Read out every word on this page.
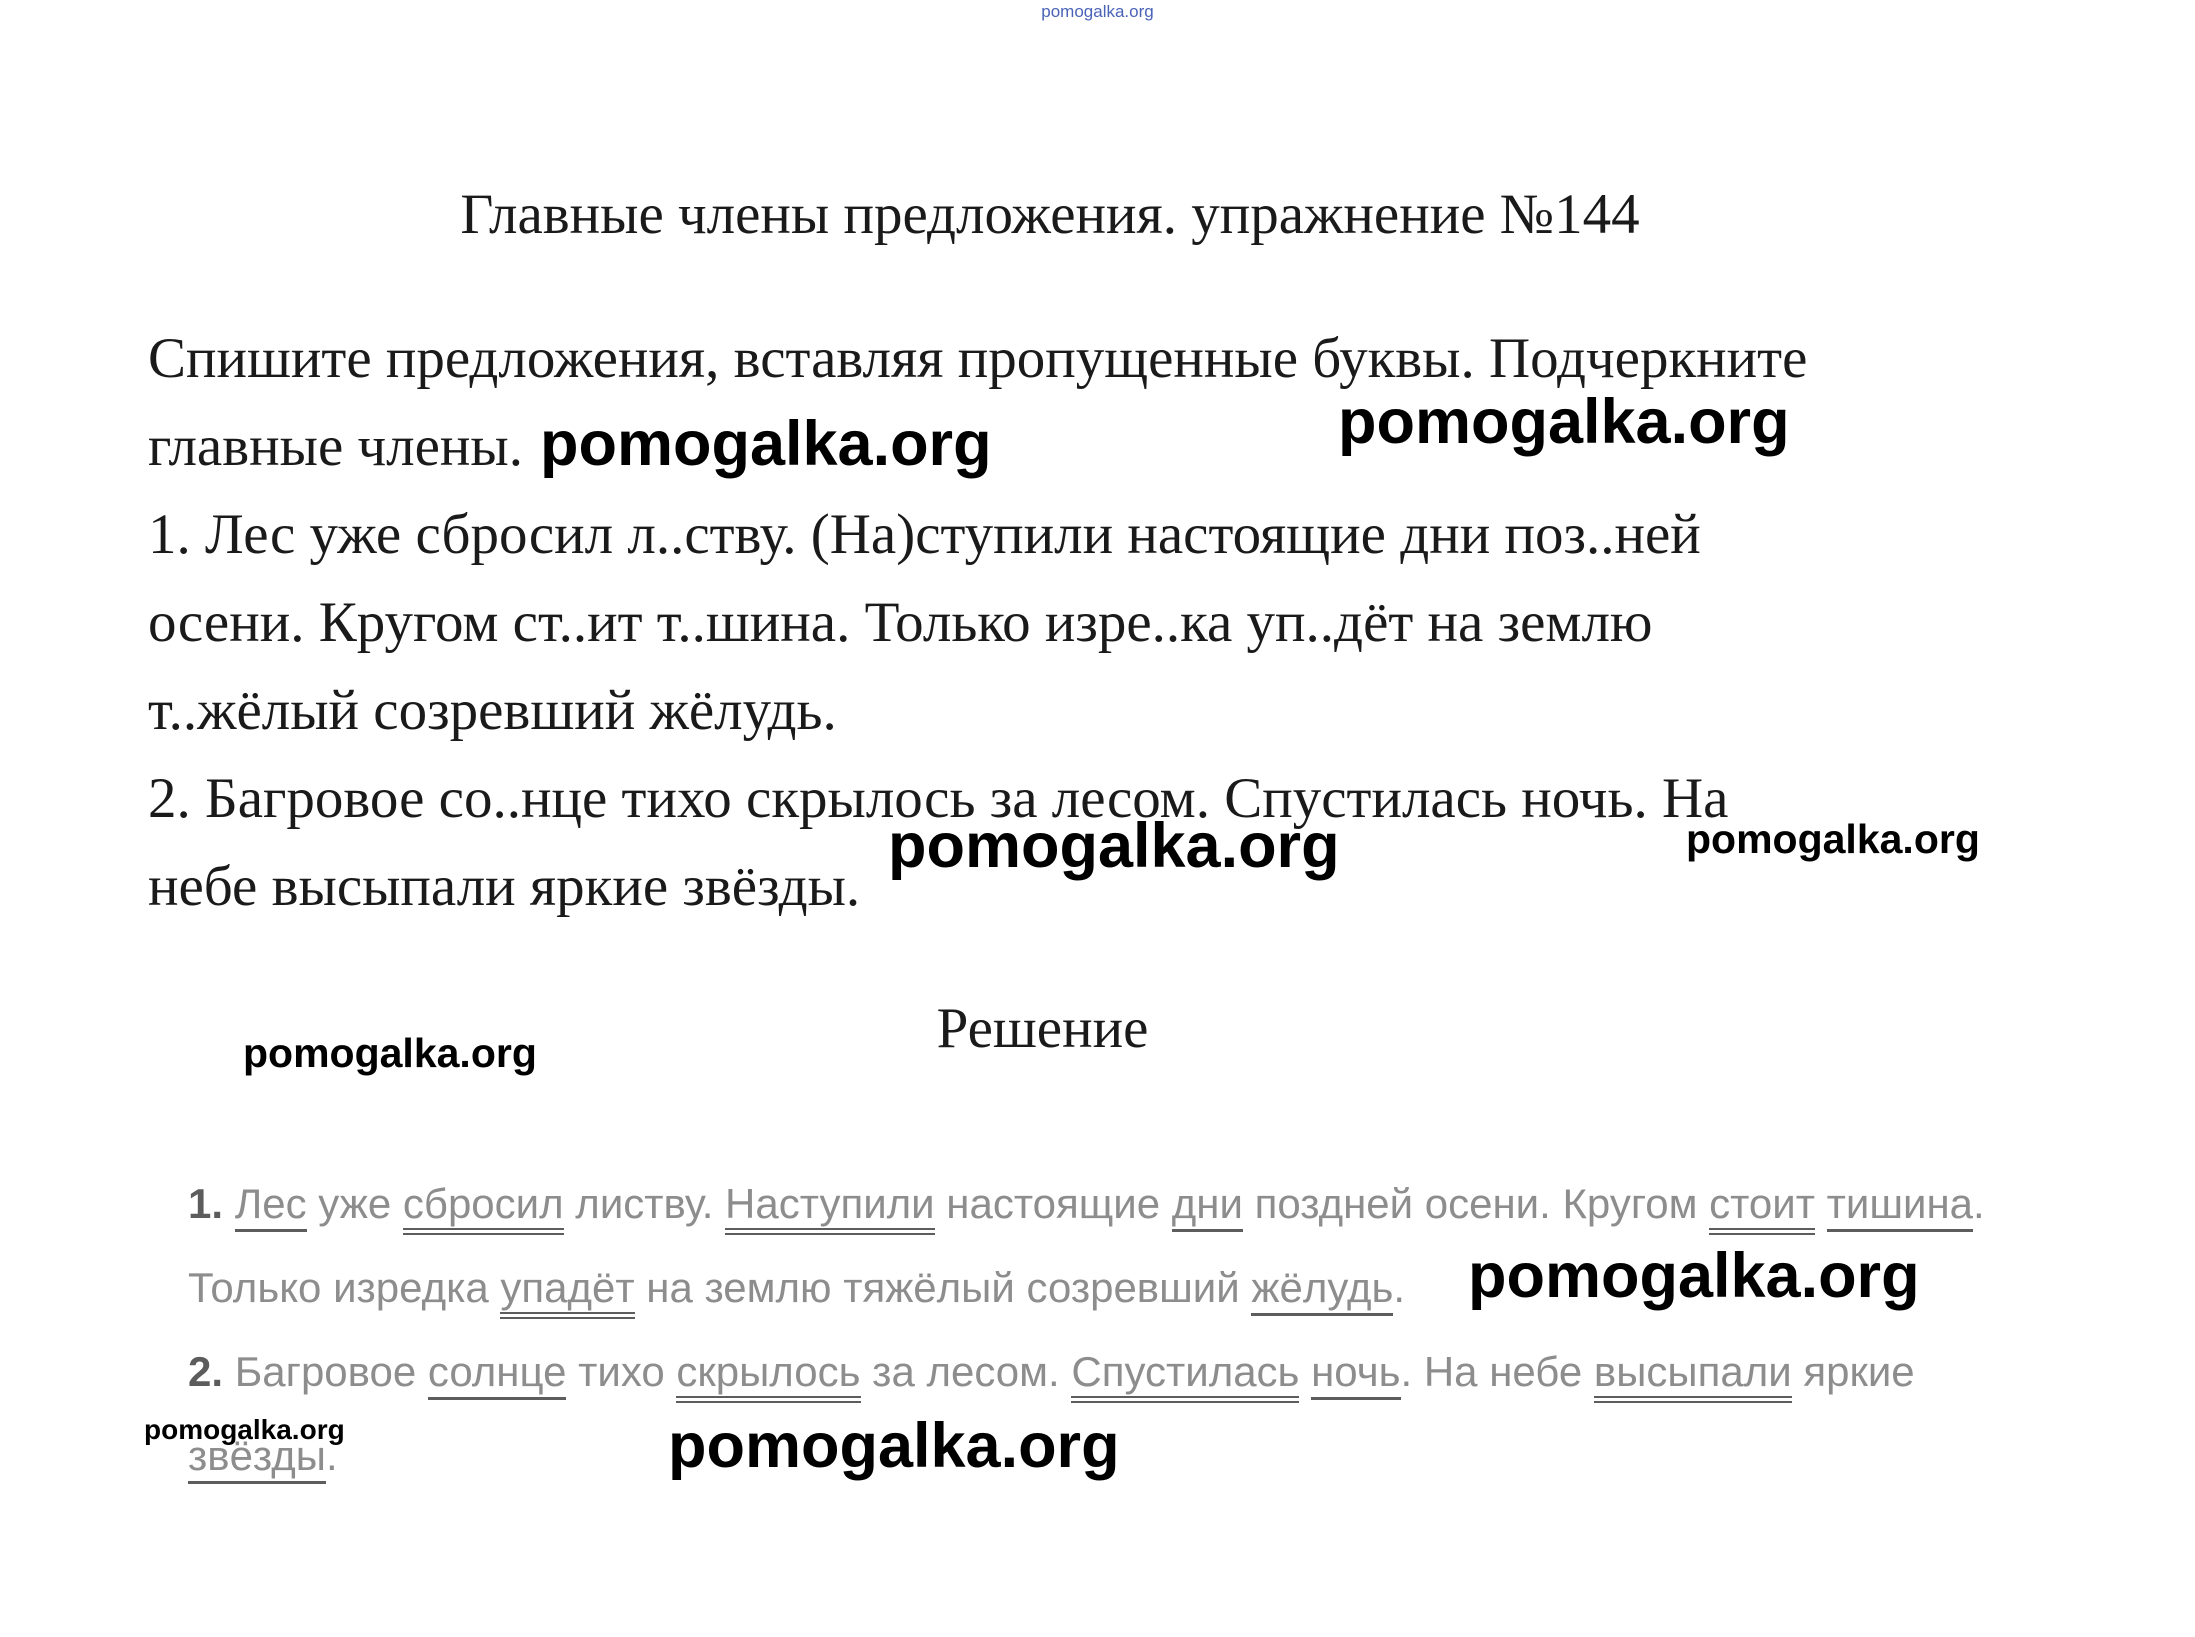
pomogalka.org
Главные члены предложения. упражнение №144
Спишите предложения, вставляя пропущенные буквы. Подчеркните
главные члены.
1. Лес уже сбросил л..ству. (На)ступили настоящие дни поз..ней
осени. Кругом ст..ит т..шина. Только изре..ка уп..дёт на землю
т..жёлый созревший жёлудь.
2. Багровое со..нце тихо скрылось за лесом. Спустилась ночь. На
небе высыпали яркие звёзды.
Решение
1. Лес уже сбросил листву. Наступили настоящие дни поздней осени. Кругом стоит тишина.
Только изредка упадёт на землю тяжёлый созревший жёлудь.
2. Багровое солнце тихо скрылось за лесом. Спустилась ночь. На небе высыпали яркие
звёзды.
pomogalka.org	pomogalka.org
pomogalka.org	pomogalka.org
pomogalka.org
pomogalka.org
pomogalka.org	pomogalka.org
